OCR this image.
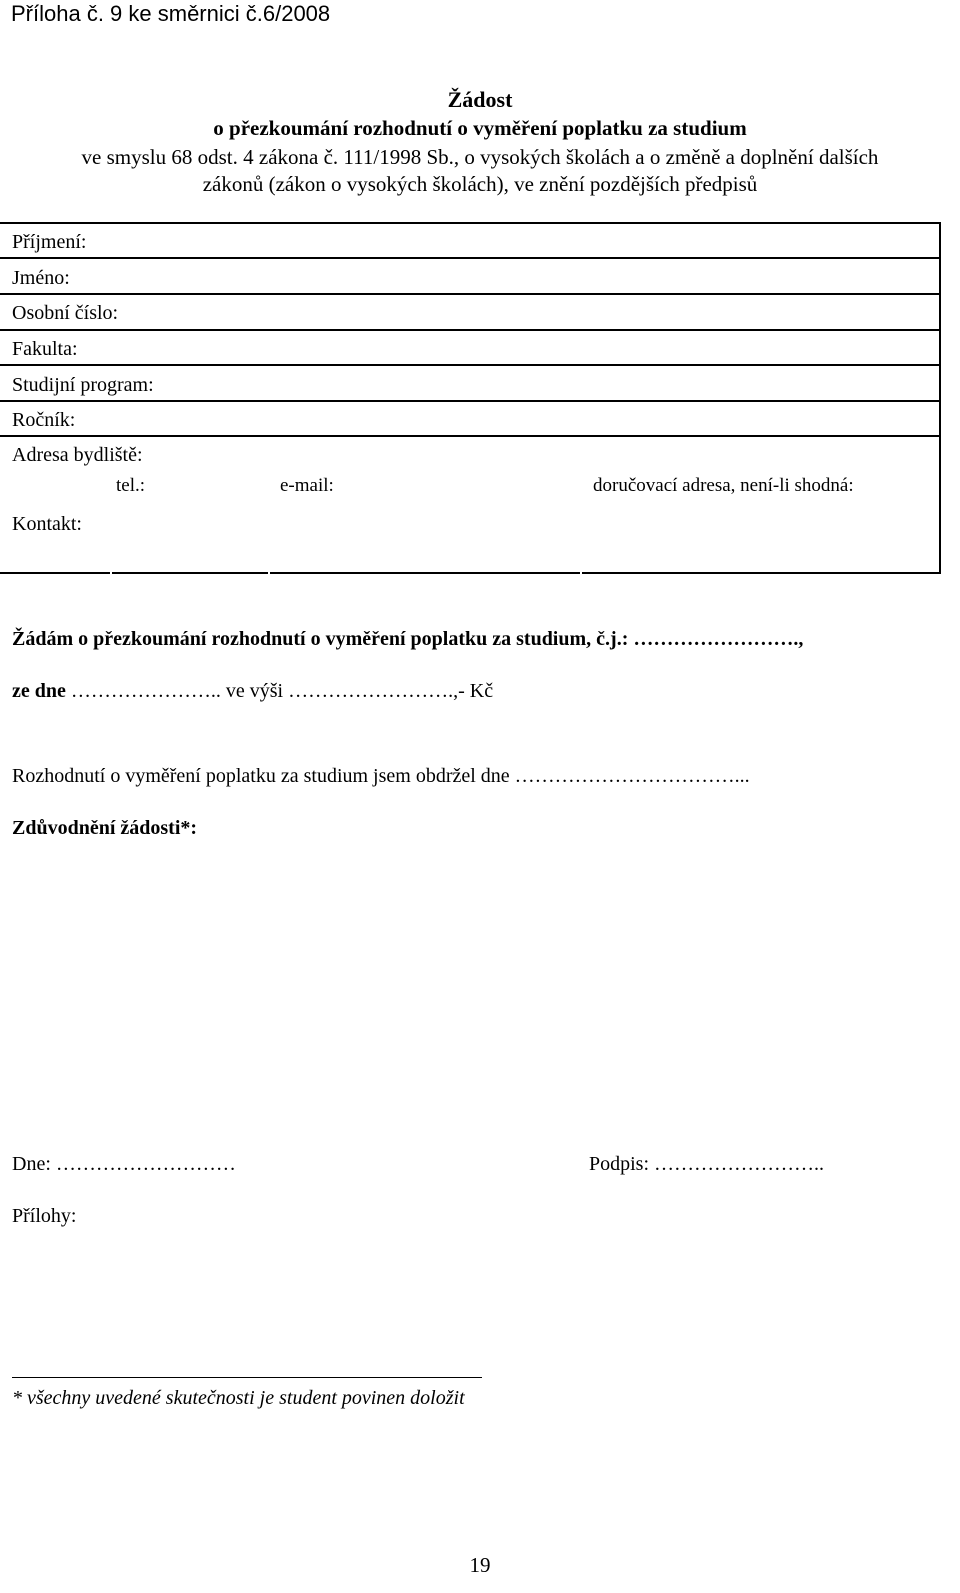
Příloha č. 9 ke směrnici č.6/2008
Žádost
o přezkoumání rozhodnutí o vyměření poplatku za studium
ve smyslu 68 odst. 4 zákona č. 111/1998 Sb., o vysokých školách a o změně a doplnění dalších
zákonů (zákon o vysokých školách), ve znění pozdějších předpisů
Příjmení:
Jméno:
Osobní číslo:
Fakulta:
Studijní program:
Ročník:
Adresa bydliště:
Kontakt:
tel.:	e-mail:	doručovací adresa, není-li shodná:
Žádám o přezkoumání rozhodnutí o vyměření poplatku za studium, č.j.: …………………….,
ze dne ………………….. ve výši …………………….,- Kč
Rozhodnutí o vyměření poplatku za studium jsem obdržel dne ……………………………...
Zdůvodnění žádosti*:
Dne: ………………………	Podpis: ……………………..
Přílohy:
* všechny uvedené skutečnosti je student povinen doložit
19
